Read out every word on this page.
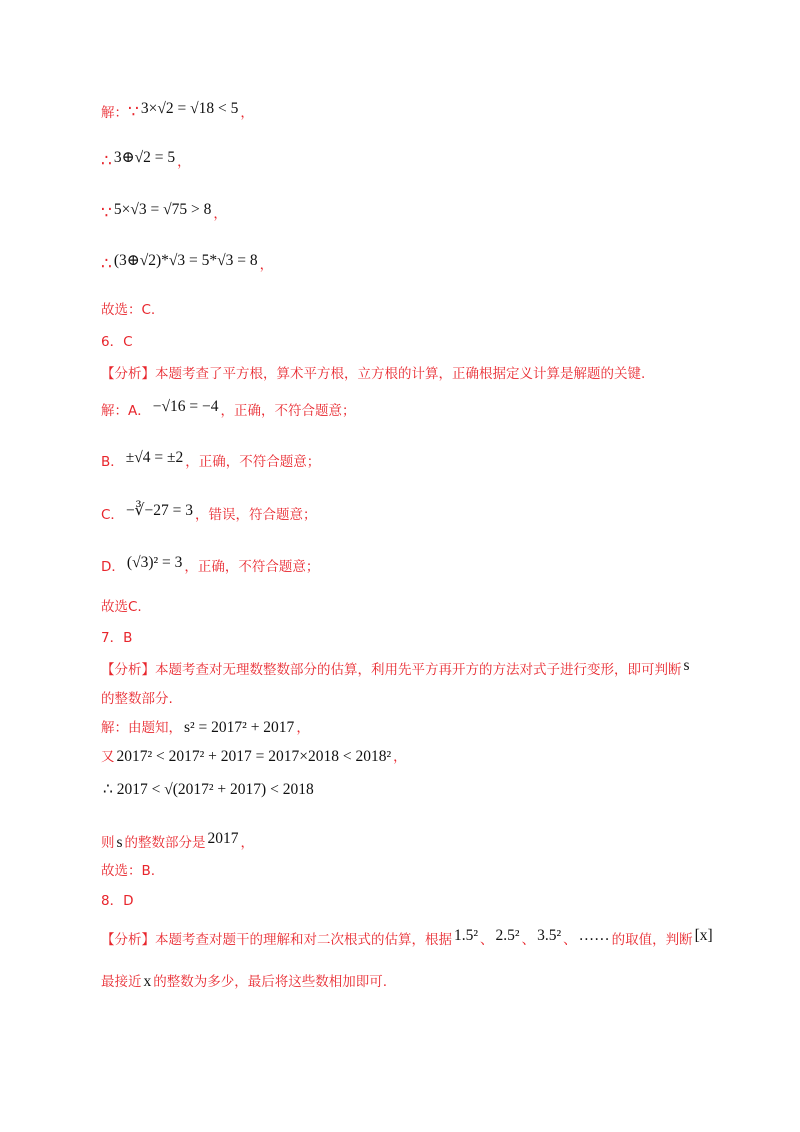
解：∵ 3×√2 = √18 < 5 ，
∴ 3⊕√2 = 5 ，
∵ 5×√3 = √75 > 8 ，
∴ (3⊕√2)*√3 = 5*√3 = 8 ，
故选：C.
6．C
【分析】本题考查了平方根，算术平方根，立方根的计算，正确根据定义计算是解题的关键.
解：A． −√16 = −4 ，正确，不符合题意；
B． ±√4 = ±2 ，正确，不符合题意；
C． −∛−27 = 3 ，错误，符合题意；
D． (√3)² = 3 ，正确，不符合题意；
故选C.
7．B
【分析】本题考查对无理数整数部分的估算，利用先平方再开方的方法对式子进行变形，即可判断 s
的整数部分.
解：由题知， s² = 2017² + 2017 ，
又 2017² < 2017² + 2017 = 2017×2018 < 2018² ，
∴ 2017 < √(2017² + 2017) < 2018
则 s 的整数部分是 2017 ，
故选：B.
8．D
【分析】本题考查对题干的理解和对二次根式的估算，根据 1.5² 、 2.5² 、 3.5² 、 …… 的取值，判断 [x]
最接近 x 的整数为多少，最后将这些数相加即可.
